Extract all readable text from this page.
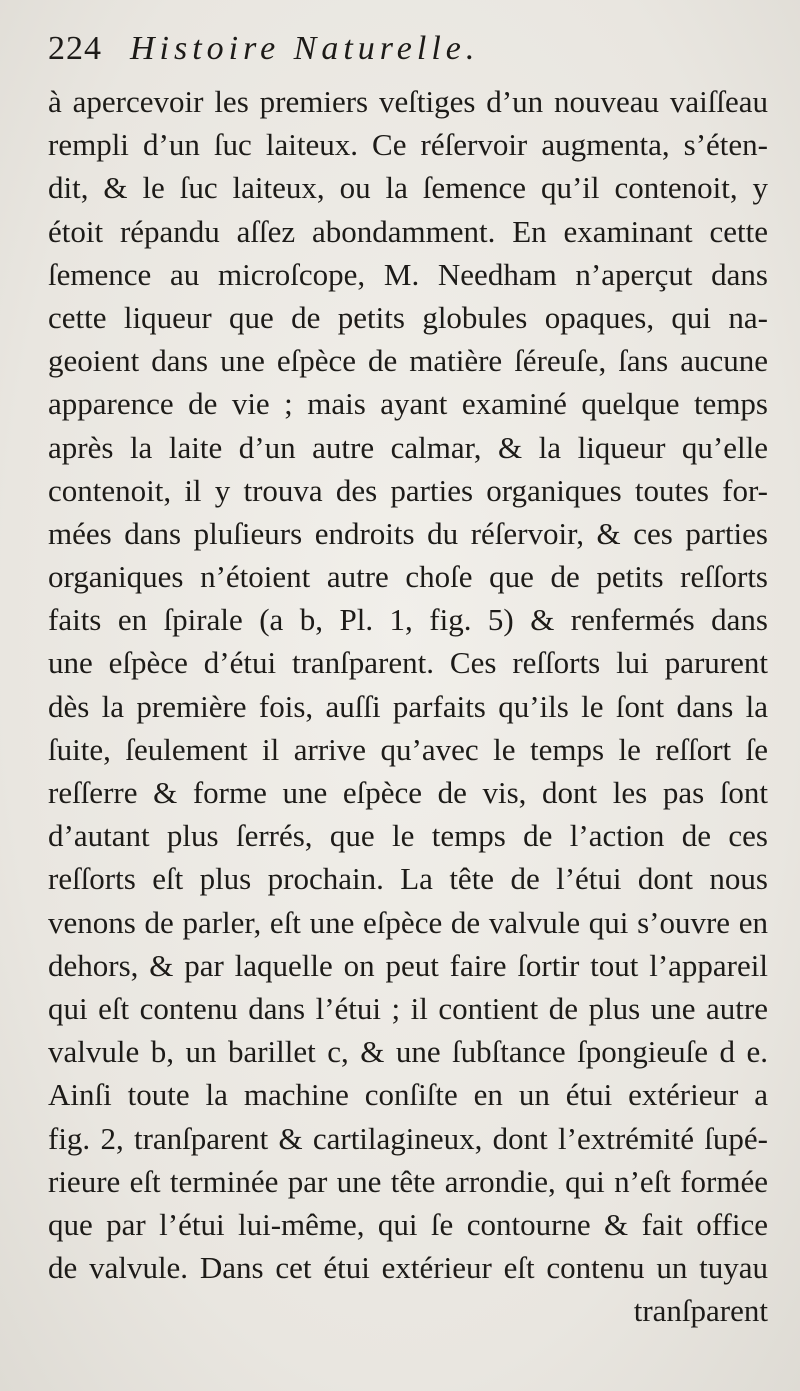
224 Histoire Naturelle.
à apercevoir les premiers veſtiges d’un nouveau vaiſſeau
rempli d’un ſuc laiteux. Ce réſervoir augmenta, s’éten-
dit, & le ſuc laiteux, ou la ſemence qu’il contenoit, y
étoit répandu aſſez abondamment. En examinant cette
ſemence au microſcope, M. Needham n’aperçut dans
cette liqueur que de petits globules opaques, qui na-
geoient dans une eſpèce de matière ſéreuſe, ſans aucune
apparence de vie ; mais ayant examiné quelque temps
après la laite d’un autre calmar, & la liqueur qu’elle
contenoit, il y trouva des parties organiques toutes for-
mées dans pluſieurs endroits du réſervoir, & ces parties
organiques n’étoient autre choſe que de petits reſſorts
faits en ſpirale (a b, Pl. 1, fig. 5) & renfermés dans
une eſpèce d’étui tranſparent. Ces reſſorts lui parurent
dès la première fois, auſſi parfaits qu’ils le ſont dans la
ſuite, ſeulement il arrive qu’avec le temps le reſſort ſe
reſſerre & forme une eſpèce de vis, dont les pas ſont
d’autant plus ſerrés, que le temps de l’action de ces
reſſorts eſt plus prochain. La tête de l’étui dont nous
venons de parler, eſt une eſpèce de valvule qui s’ouvre en
dehors, & par laquelle on peut faire ſortir tout l’appareil
qui eſt contenu dans l’étui ; il contient de plus une autre
valvule b, un barillet c, & une ſubſtance ſpongieuſe d e.
Ainſi toute la machine conſiſte en un étui extérieur a
fig. 2, tranſparent & cartilagineux, dont l’extrémité ſupé-
rieure eſt terminée par une tête arrondie, qui n’eſt formée
que par l’étui lui-même, qui ſe contourne & fait office
de valvule. Dans cet étui extérieur eſt contenu un tuyau
tranſparent
